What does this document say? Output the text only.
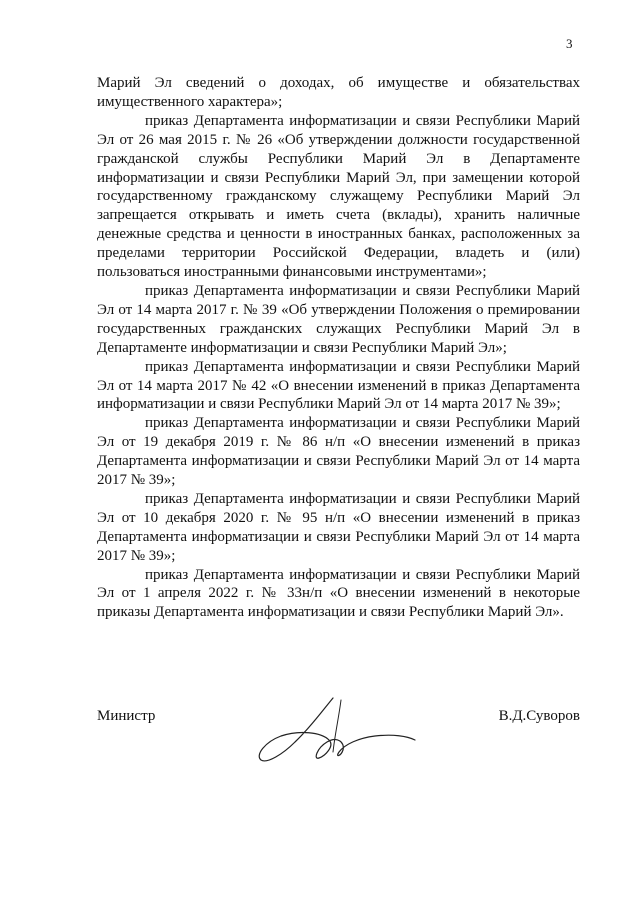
3

Марий Эл сведений о доходах, об имуществе и обязательствах имущественного характера»;

приказ Департамента информатизации и связи Республики Марий Эл от 26 мая 2015 г. № 26 «Об утверждении должности государственной гражданской службы Республики Марий Эл в Департаменте информатизации и связи Республики Марий Эл, при замещении которой государственному гражданскому служащему Республики Марий Эл запрещается открывать и иметь счета (вклады), хранить наличные денежные средства и ценности в иностранных банках, расположенных за пределами территории Российской Федерации, владеть и (или) пользоваться иностранными финансовыми инструментами»;

приказ Департамента информатизации и связи Республики Марий Эл от 14 марта 2017 г. № 39 «Об утверждении Положения о премировании государственных гражданских служащих Республики Марий Эл в Департаменте информатизации и связи Республики Марий Эл»;

приказ Департамента информатизации и связи Республики Марий Эл от 14 марта 2017 № 42 «О внесении изменений в приказ Департамента информатизации и связи Республики Марий Эл от 14 марта 2017 № 39»;

приказ Департамента информатизации и связи Республики Марий Эл от 19 декабря 2019 г. № 86 н/п «О внесении изменений в приказ Департамента информатизации и связи Республики Марий Эл от 14 марта 2017 № 39»;

приказ Департамента информатизации и связи Республики Марий Эл от 10 декабря 2020 г. № 95 н/п «О внесении изменений в приказ Департамента информатизации и связи Республики Марий Эл от 14 марта 2017 № 39»;

приказ Департамента информатизации и связи Республики Марий Эл от 1 апреля 2022 г. № 33н/п «О внесении изменений в некоторые приказы Департамента информатизации и связи Республики Марий Эл».

Министр	В.Д.Суворов
